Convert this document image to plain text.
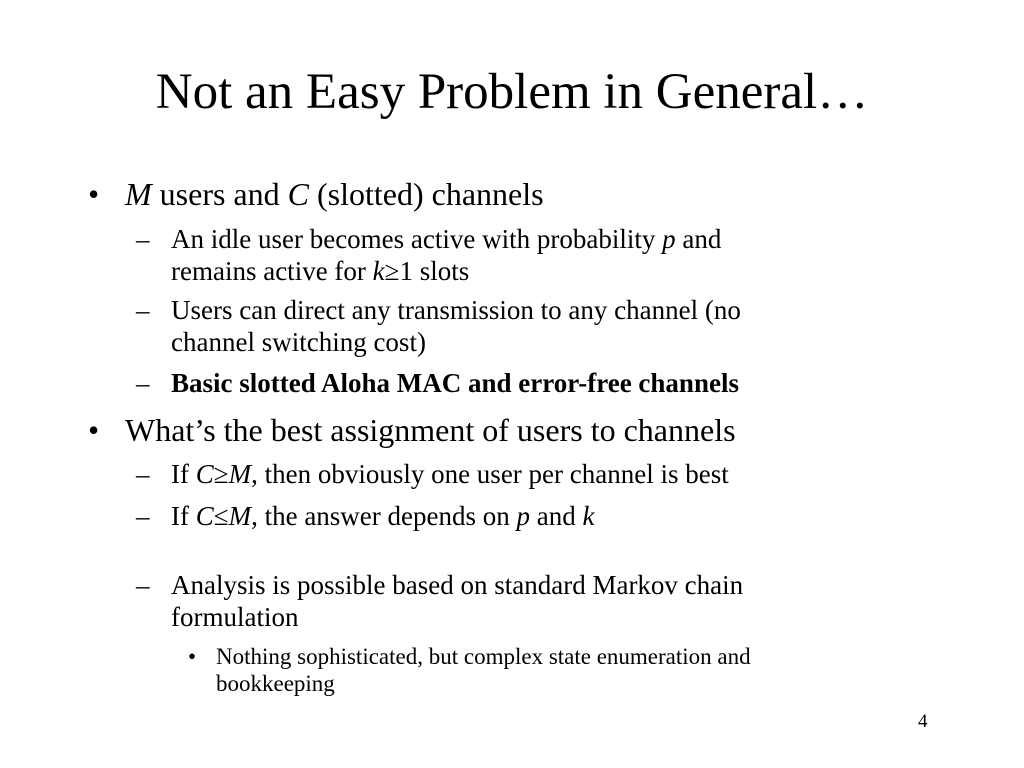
Not an Easy Problem in General…
• M users and C (slotted) channels
– An idle user becomes active with probability p and
remains active for k≥1 slots
– Users can direct any transmission to any channel (no
channel switching cost)
– Basic slotted Aloha MAC and error-free channels
• What’s the best assignment of users to channels
– If C≥M, then obviously one user per channel is best
– If C≤M, the answer depends on p and k
– Analysis is possible based on standard Markov chain
formulation
• Nothing sophisticated, but complex state enumeration and
bookkeeping
4
